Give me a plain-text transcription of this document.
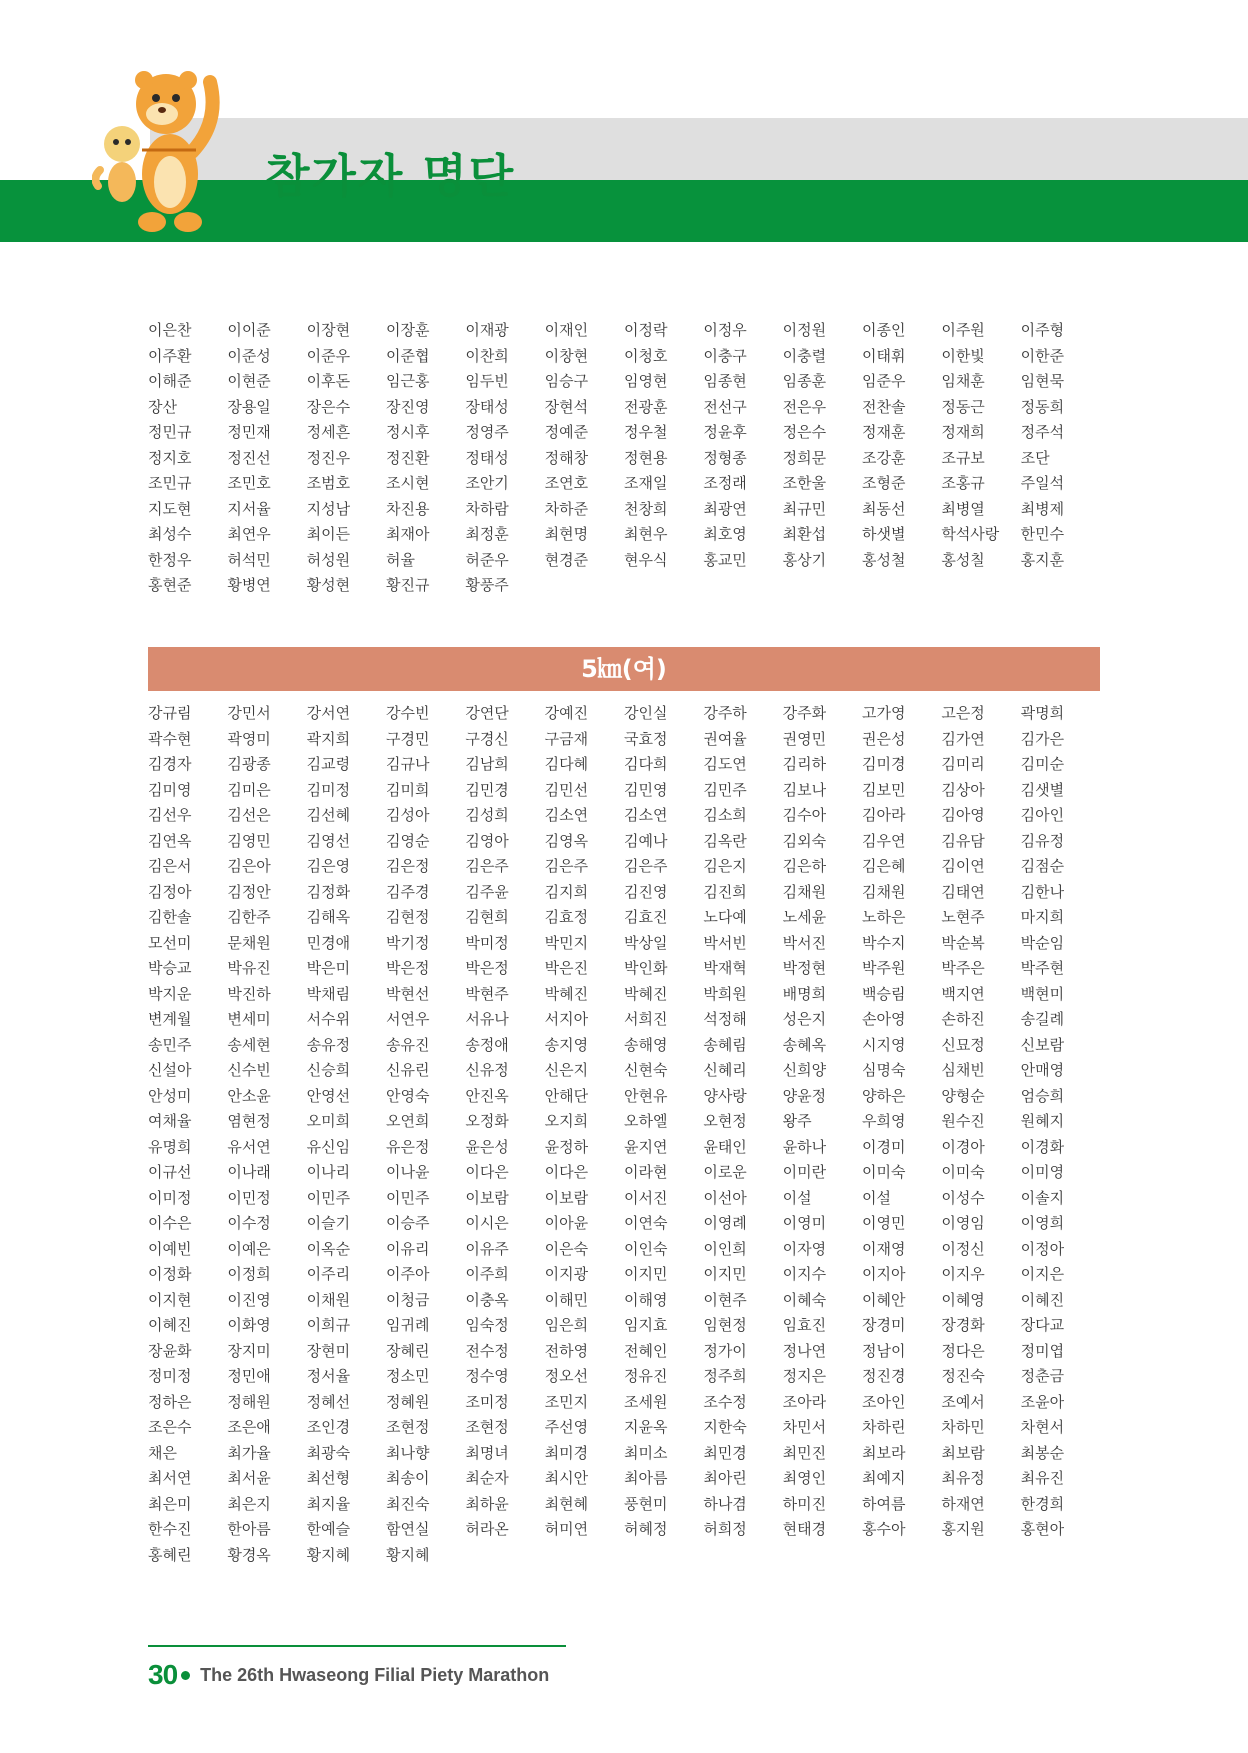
참가자 명단
이은찬	이이준	이장현	이장훈	이재광	이재인	이정락	이정우	이정원	이종인	이주원	이주형
이주환	이준성	이준우	이준협	이찬희	이창현	이청호	이충구	이충렬	이태휘	이한빛	이한준
이해준	이현준	이후돈	임근홍	임두빈	임승구	임영현	임종현	임종훈	임준우	임채훈	임현묵
장산	장용일	장은수	장진영	장태성	장현석	전광훈	전선구	전은우	전찬솔	정동근	정동희
정민규	정민재	정세흔	정시후	정영주	정예준	정우철	정윤후	정은수	정재훈	정재희	정주석
정지호	정진선	정진우	정진환	정태성	정해창	정현용	정형종	정희문	조강훈	조규보	조단
조민규	조민호	조범호	조시현	조안기	조연호	조재일	조정래	조한울	조형준	조홍규	주일석
지도현	지서율	지성남	차진용	차하람	차하준	천창희	최광연	최규민	최동선	최병열	최병제
최성수	최연우	최이든	최재아	최정훈	최현명	최현우	최호영	최환섭	하샛별	학석사랑	한민수
한정우	허석민	허성원	허율	허준우	현경준	현우식	홍교민	홍상기	홍성철	홍성칠	홍지훈
홍현준	황병연	황성현	황진규	황풍주
5㎞(여)
강규림	강민서	강서연	강수빈	강연단	강예진	강인실	강주하	강주화	고가영	고은정	곽명희
곽수현	곽영미	곽지희	구경민	구경신	구금재	국효정	권여율	권영민	권은성	김가연	김가은
김경자	김광종	김교령	김규나	김남희	김다혜	김다희	김도연	김리하	김미경	김미리	김미순
김미영	김미은	김미정	김미희	김민경	김민선	김민영	김민주	김보나	김보민	김상아	김샛별
김선우	김선은	김선혜	김성아	김성희	김소연	김소연	김소희	김수아	김아라	김아영	김아인
김연옥	김영민	김영선	김영순	김영아	김영옥	김예나	김옥란	김외숙	김우연	김유담	김유정
김은서	김은아	김은영	김은정	김은주	김은주	김은주	김은지	김은하	김은혜	김이연	김점순
김정아	김정안	김정화	김주경	김주윤	김지희	김진영	김진희	김채원	김채원	김태연	김한나
김한솔	김한주	김해옥	김현정	김현희	김효정	김효진	노다예	노세윤	노하은	노현주	마지희
모선미	문채원	민경애	박기정	박미정	박민지	박상일	박서빈	박서진	박수지	박순복	박순임
박승교	박유진	박은미	박은정	박은정	박은진	박인화	박재혁	박정현	박주원	박주은	박주현
박지운	박진하	박채림	박현선	박현주	박혜진	박혜진	박희원	배명희	백승림	백지연	백현미
변계월	변세미	서수위	서연우	서유나	서지아	서희진	석정해	성은지	손아영	손하진	송길례
송민주	송세현	송유정	송유진	송정애	송지영	송해영	송혜림	송혜옥	시지영	신묘정	신보람
신설아	신수빈	신승희	신유린	신유정	신은지	신현숙	신혜리	신희양	심명숙	심채빈	안매영
안성미	안소윤	안영선	안영숙	안진옥	안해단	안현유	양사랑	양윤정	양하은	양형순	엄승희
여채율	염현정	오미희	오연희	오정화	오지희	오하엘	오현정	왕주	우희영	원수진	원혜지
유명희	유서연	유신임	유은정	윤은성	윤정하	윤지연	윤태인	윤하나	이경미	이경아	이경화
이규선	이나래	이나리	이나윤	이다은	이다은	이라현	이로운	이미란	이미숙	이미숙	이미영
이미정	이민정	이민주	이민주	이보람	이보람	이서진	이선아	이설	이설	이성수	이솔지
이수은	이수정	이슬기	이승주	이시은	이아윤	이연숙	이영례	이영미	이영민	이영임	이영희
이예빈	이예은	이옥순	이유리	이유주	이은숙	이인숙	이인희	이자영	이재영	이정신	이정아
이정화	이정희	이주리	이주아	이주희	이지광	이지민	이지민	이지수	이지아	이지우	이지은
이지현	이진영	이채원	이청금	이충옥	이해민	이해영	이현주	이혜숙	이혜안	이혜영	이혜진
이혜진	이화영	이희규	임귀례	임숙정	임은희	임지효	임현정	임효진	장경미	장경화	장다교
장윤화	장지미	장현미	장혜린	전수정	전하영	전혜인	정가이	정나연	정남이	정다은	정미엽
정미정	정민애	정서율	정소민	정수영	정오선	정유진	정주희	정지은	정진경	정진숙	정춘금
정하은	정해원	정혜선	정혜원	조미정	조민지	조세원	조수정	조아라	조아인	조예서	조윤아
조은수	조은애	조인경	조현정	조현정	주선영	지윤옥	지한숙	차민서	차하린	차하민	차현서
채은	최가율	최광숙	최나향	최명녀	최미경	최미소	최민경	최민진	최보라	최보람	최봉순
최서연	최서윤	최선형	최송이	최순자	최시안	최아름	최아린	최영인	최예지	최유정	최유진
최은미	최은지	최지율	최진숙	최하윤	최현혜	풍현미	하나겸	하미진	하여름	하재연	한경희
한수진	한아름	한예슬	함연실	허라온	허미연	허혜정	허희정	현태경	홍수아	홍지원	홍현아
홍혜린	황경옥	황지혜	황지혜
30 The 26th Hwaseong Filial Piety Marathon
